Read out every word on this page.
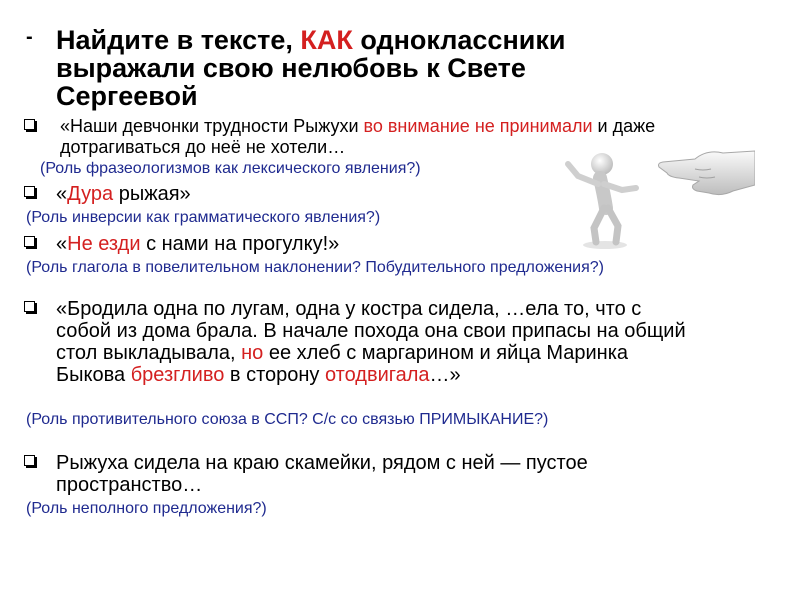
- Найдите в тексте, КАК одноклассники выражали свою нелюбовь к Свете Сергеевой
«Наши девчонки трудности Рыжухи во внимание не принимали и даже дотрагиваться до неё не хотели…
(Роль фразеологизмов как лексического явления?)
«Дура рыжая»
(Роль инверсии как грамматического явления?)
«Не езди с нами на прогулку!»
(Роль глагола в повелительном наклонении? Побудительного предложения?)
«Бродила одна по лугам, одна у костра сидела, …ела то, что с собой из дома брала. В начале похода она свои припасы на общий стол выкладывала, но ее хлеб с маргарином и яйца Маринка Быкова брезгливо в сторону отодвигала…»
(Роль противительного союза в ССП? С/с со связью ПРИМЫКАНИЕ?)
Рыжуха сидела на краю скамейки, рядом с ней — пустое пространство…
(Роль неполного предложения?)
